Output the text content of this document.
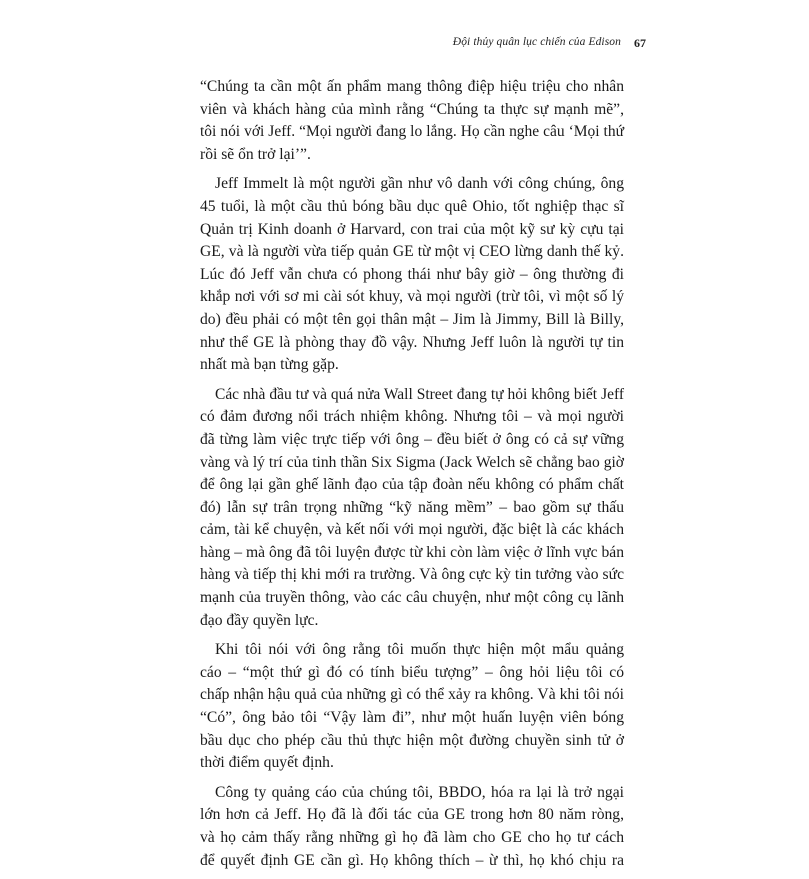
Đội thủy quân lục chiến của Edison 67
“Chúng ta cần một ấn phẩm mang thông điệp hiệu triệu cho nhân
viên và khách hàng của mình rằng “Chúng ta thực sự mạnh mẽ”,
tôi nói với Jeff. “Mọi người đang lo lắng. Họ cần nghe câu ‘Mọi thứ
rồi sẽ ổn trở lại’”.
Jeff Immelt là một người gần như vô danh với công chúng, ông
45 tuổi, là một cầu thủ bóng bầu dục quê Ohio, tốt nghiệp thạc sĩ
Quản trị Kinh doanh ở Harvard, con trai của một kỹ sư kỳ cựu tại
GE, và là người vừa tiếp quản GE từ một vị CEO lừng danh thế kỷ.
Lúc đó Jeff vẫn chưa có phong thái như bây giờ – ông thường đi
khắp nơi với sơ mi cài sót khuy, và mọi người (trừ tôi, vì một số lý
do) đều phải có một tên gọi thân mật – Jim là Jimmy, Bill là Billy,
như thể GE là phòng thay đồ vậy. Nhưng Jeff luôn là người tự tin
nhất mà bạn từng gặp.
Các nhà đầu tư và quá nửa Wall Street đang tự hỏi không biết Jeff
có đảm đương nổi trách nhiệm không. Nhưng tôi – và mọi người
đã từng làm việc trực tiếp với ông – đều biết ở ông có cả sự vững
vàng và lý trí của tinh thần Six Sigma (Jack Welch sẽ chẳng bao giờ
để ông lại gần ghế lãnh đạo của tập đoàn nếu không có phẩm chất
đó) lẫn sự trân trọng những “kỹ năng mềm” – bao gồm sự thấu
cảm, tài kể chuyện, và kết nối với mọi người, đặc biệt là các khách
hàng – mà ông đã tôi luyện được từ khi còn làm việc ở lĩnh vực bán
hàng và tiếp thị khi mới ra trường. Và ông cực kỳ tin tưởng vào sức
mạnh của truyền thông, vào các câu chuyện, như một công cụ lãnh
đạo đầy quyền lực.
Khi tôi nói với ông rằng tôi muốn thực hiện một mẩu quảng
cáo – “một thứ gì đó có tính biểu tượng” – ông hỏi liệu tôi có
chấp nhận hậu quả của những gì có thể xảy ra không. Và khi tôi nói
“Có”, ông bảo tôi “Vậy làm đi”, như một huấn luyện viên bóng
bầu dục cho phép cầu thủ thực hiện một đường chuyền sinh tử ở
thời điểm quyết định.
Công ty quảng cáo của chúng tôi, BBDO, hóa ra lại là trở ngại
lớn hơn cả Jeff. Họ đã là đối tác của GE trong hơn 80 năm ròng,
và họ cảm thấy rằng những gì họ đã làm cho GE cho họ tư cách
để quyết định GE cần gì. Họ không thích – ừ thì, họ khó chịu ra
